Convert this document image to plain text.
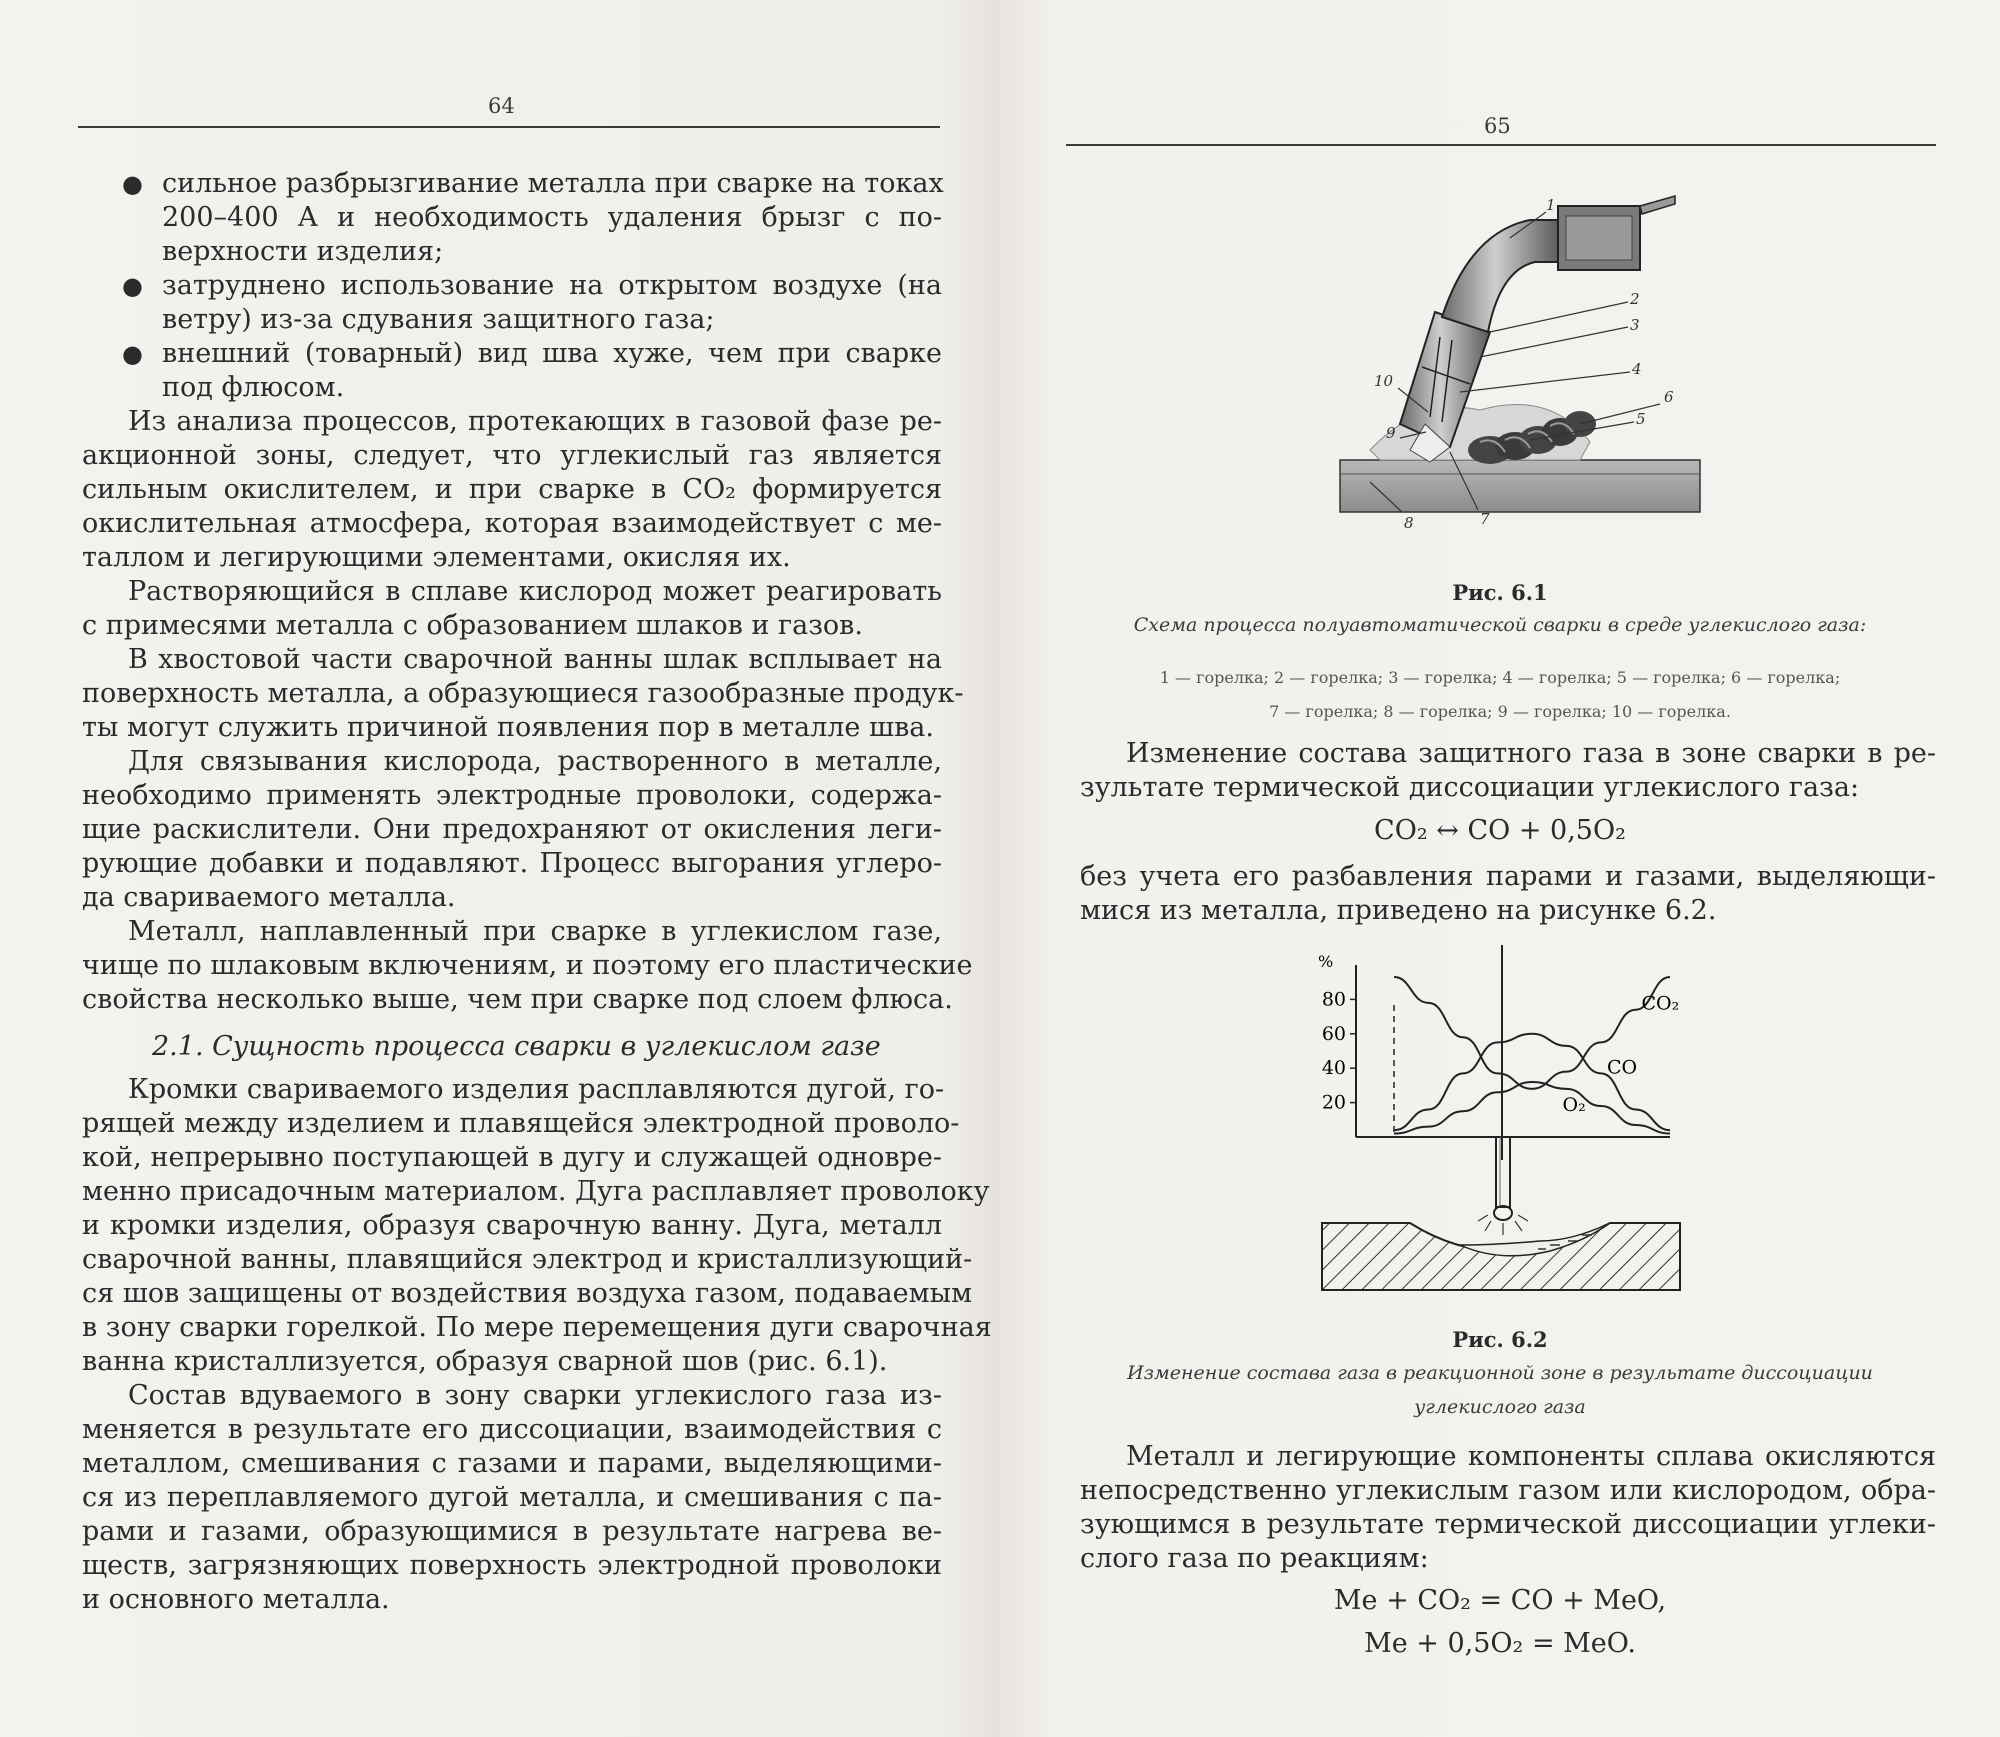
64
● сильное разбрызгивание металла при сварке на токах
200–400 А и необходимость удаления брызг с по-
верхности изделия;
● затруднено использование на открытом воздухе (на
ветру) из-за сдувания защитного газа;
● внешний (товарный) вид шва хуже, чем при сварке
под флюсом.
Из анализа процессов, протекающих в газовой фазе ре-
акционной зоны, следует, что углекислый газ является
сильным окислителем, и при сварке в CO₂ формируется
окислительная атмосфера, которая взаимодействует с ме-
таллом и легирующими элементами, окисляя их.
Растворяющийся в сплаве кислород может реагировать
с примесями металла с образованием шлаков и газов.
В хвостовой части сварочной ванны шлак всплывает на
поверхность металла, а образующиеся газообразные продук-
ты могут служить причиной появления пор в металле шва.
Для связывания кислорода, растворенного в металле,
необходимо применять электродные проволоки, содержа-
щие раскислители. Они предохраняют от окисления леги-
рующие добавки и подавляют. Процесс выгорания углеро-
да свариваемого металла.
Металл, наплавленный при сварке в углекислом газе,
чище по шлаковым включениям, и поэтому его пластические
свойства несколько выше, чем при сварке под слоем флюса.
2.1. Сущность процесса сварки в углекислом газе
Кромки свариваемого изделия расплавляются дугой, го-
рящей между изделием и плавящейся электродной проволо-
кой, непрерывно поступающей в дугу и служащей одновре-
менно присадочным материалом. Дуга расплавляет проволоку
и кромки изделия, образуя сварочную ванну. Дуга, металл
сварочной ванны, плавящийся электрод и кристаллизующий-
ся шов защищены от воздействия воздуха газом, подаваемым
в зону сварки горелкой. По мере перемещения дуги сварочная
ванна кристаллизуется, образуя сварной шов (рис. 6.1).
Состав вдуваемого в зону сварки углекислого газа из-
меняется в результате его диссоциации, взаимодействия с
металлом, смешивания с газами и парами, выделяющими-
ся из переплавляемого дугой металла, и смешивания с па-
рами и газами, образующимися в результате нагрева ве-
ществ, загрязняющих поверхность электродной проволоки
и основного металла.
65
1
2
3
4
5
6
7
8
9
10
Рис. 6.1
Схема процесса полуавтоматической сварки в среде углекислого газа:
1 — горелка; 2 — горелка; 3 — горелка; 4 — горелка; 5 — горелка; 6 — горелка;
7 — горелка; 8 — горелка; 9 — горелка; 10 — горелка.
Изменение состава защитного газа в зоне сварки в ре-
зультате термической диссоциации углекислого газа:
CO₂ ↔ CO + 0,5O₂
без учета его разбавления парами и газами, выделяющи-
мися из металла, приведено на рисунке 6.2.
%
20
40
60
80	CO₂
CO
O₂
Рис. 6.2
Изменение состава газа в реакционной зоне в результате диссоциации
углекислого газа
Металл и легирующие компоненты сплава окисляются
непосредственно углекислым газом или кислородом, обра-
зующимся в результате термической диссоциации углеки-
слого газа по реакциям:
Me + CO₂ = CO + MeO,
Me + 0,5O₂ = MeO.
